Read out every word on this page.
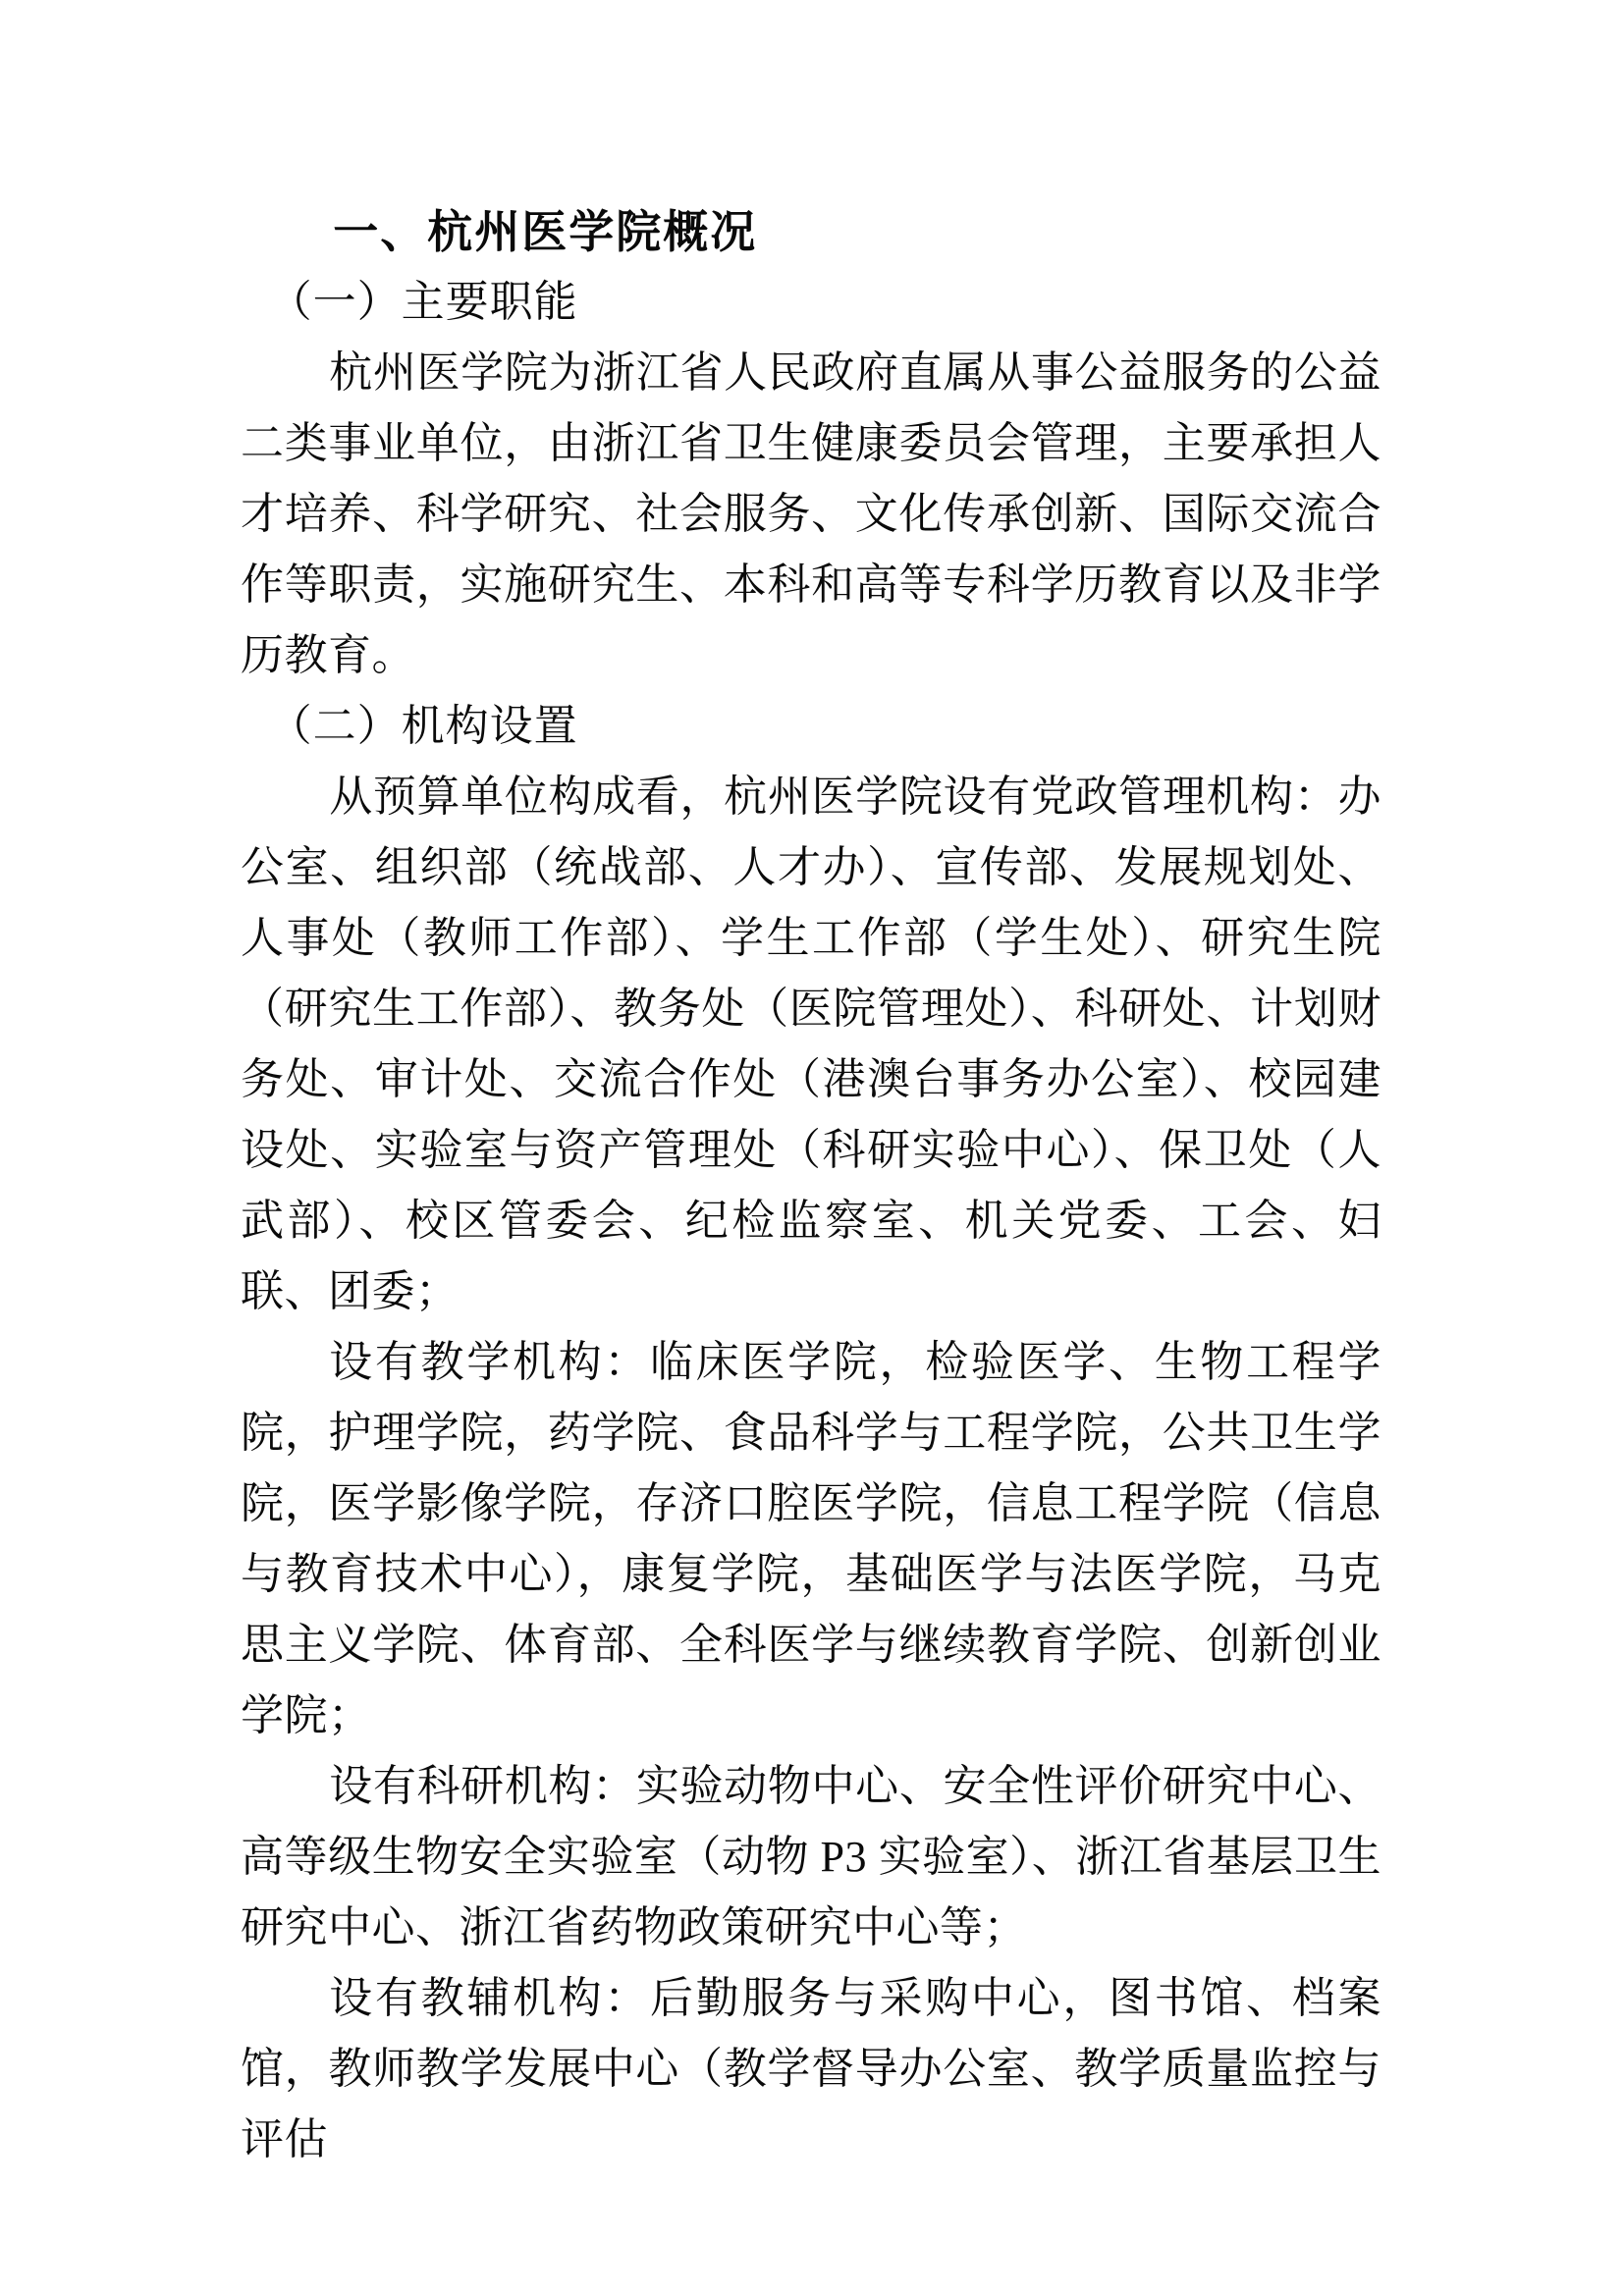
一、杭州医学院概况
（一）主要职能
杭州医学院为浙江省人民政府直属从事公益服务的公益二类事业单位，由浙江省卫生健康委员会管理，主要承担人才培养、科学研究、社会服务、文化传承创新、国际交流合作等职责，实施研究生、本科和高等专科学历教育以及非学历教育。
（二）机构设置
从预算单位构成看，杭州医学院设有党政管理机构：办公室、组织部（统战部、人才办）、宣传部、发展规划处、人事处（教师工作部）、学生工作部（学生处）、研究生院（研究生工作部）、教务处（医院管理处）、科研处、计划财务处、审计处、交流合作处（港澳台事务办公室）、校园建设处、实验室与资产管理处（科研实验中心）、保卫处（人武部）、校区管委会、纪检监察室、机关党委、工会、妇联、团委；
设有教学机构：临床医学院，检验医学、生物工程学院，护理学院，药学院、食品科学与工程学院，公共卫生学院，医学影像学院，存济口腔医学院，信息工程学院（信息与教育技术中心），康复学院，基础医学与法医学院，马克思主义学院、体育部、全科医学与继续教育学院、创新创业学院；
设有科研机构：实验动物中心、安全性评价研究中心、高等级生物安全实验室（动物 P3 实验室）、浙江省基层卫生研究中心、浙江省药物政策研究中心等；
设有教辅机构：后勤服务与采购中心，图书馆、档案馆，教师教学发展中心（教学督导办公室、教学质量监控与评估
